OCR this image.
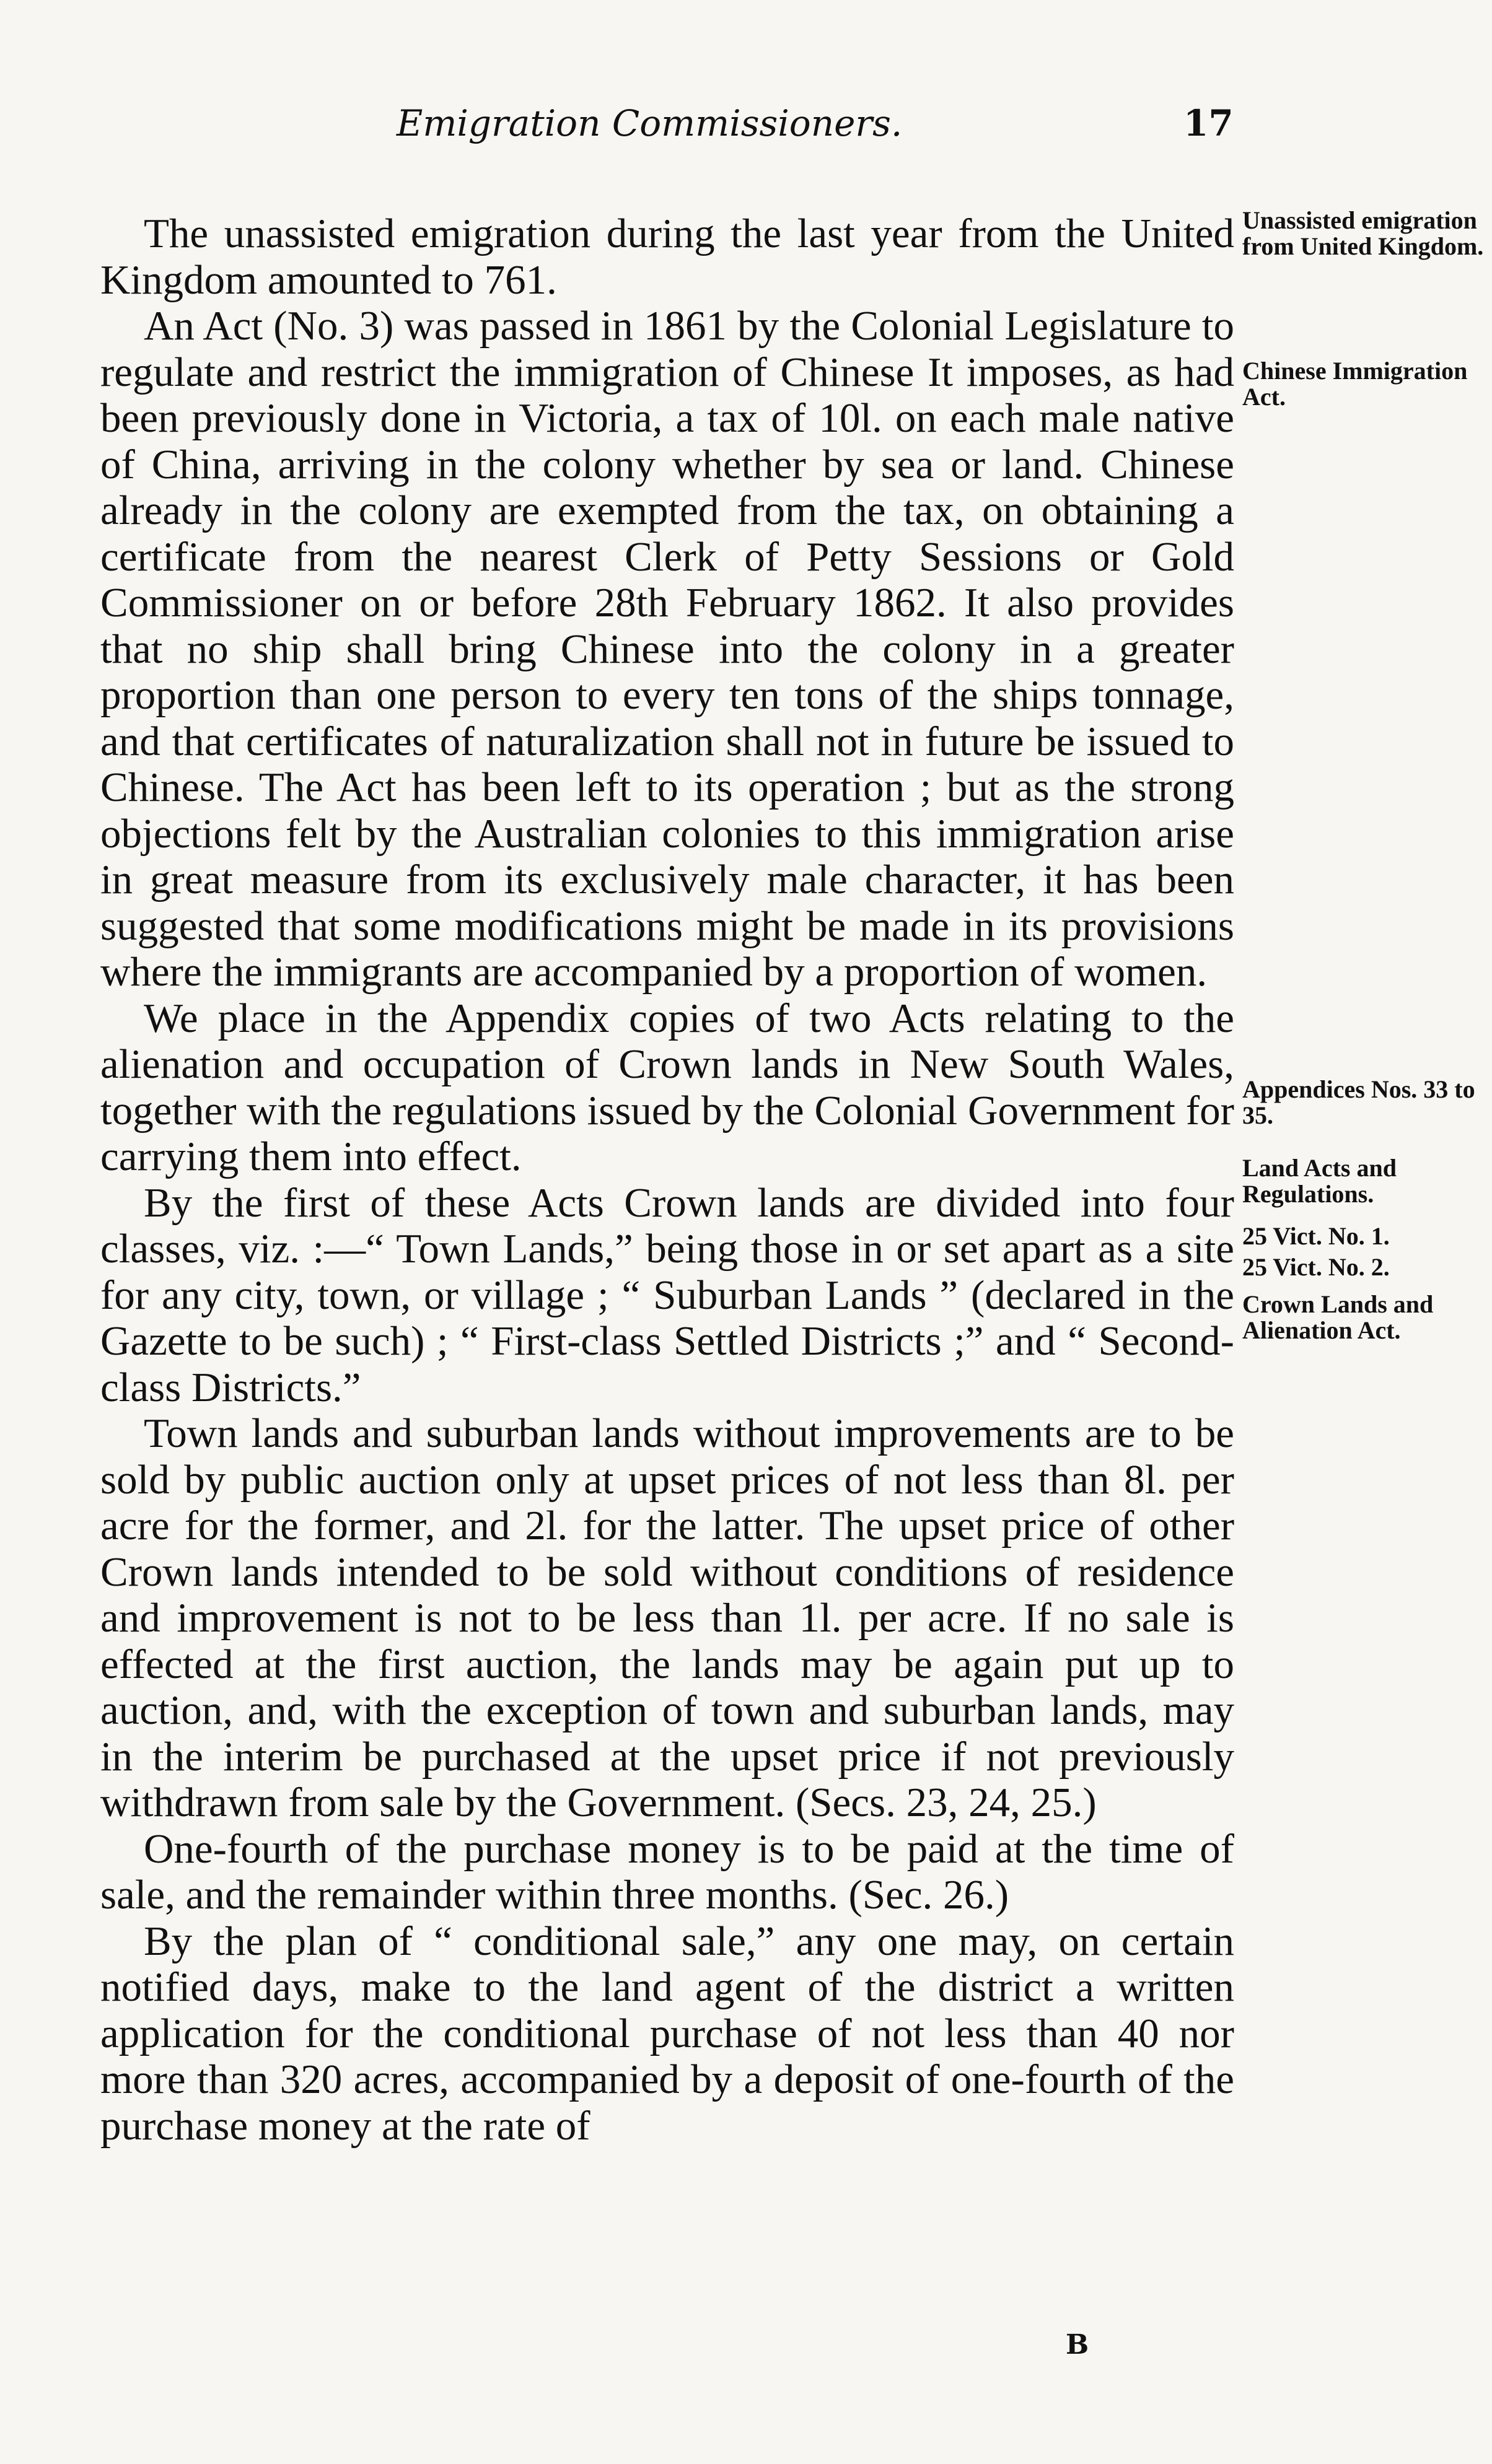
Emigration Commissioners.	17

The unassisted emigration during the last year from the United Kingdom amounted to 761.

An Act (No. 3) was passed in 1861 by the Colonial Legislature to regulate and restrict the immigration of Chinese It imposes, as had been previously done in Victoria, a tax of 10l. on each male native of China, arriving in the colony whether by sea or land. Chinese already in the colony are exempted from the tax, on obtaining a certificate from the nearest Clerk of Petty Sessions or Gold Commissioner on or before 28th February 1862. It also provides that no ship shall bring Chinese into the colony in a greater proportion than one person to every ten tons of the ships tonnage, and that certificates of naturalization shall not in future be issued to Chinese. The Act has been left to its operation ; but as the strong objections felt by the Australian colonies to this immigration arise in great measure from its exclusively male character, it has been suggested that some modifications might be made in its provisions where the immigrants are accompanied by a proportion of women.

We place in the Appendix copies of two Acts relating to the alienation and occupation of Crown lands in New South Wales, together with the regulations issued by the Colonial Government for carrying them into effect.

By the first of these Acts Crown lands are divided into four classes, viz. :—“ Town Lands,” being those in or set apart as a site for any city, town, or village ; “ Suburban Lands ” (declared in the Gazette to be such) ; “ First-class Settled Districts ;” and “ Second-class Districts.”

Town lands and suburban lands without improvements are to be sold by public auction only at upset prices of not less than 8l. per acre for the former, and 2l. for the latter. The upset price of other Crown lands intended to be sold without conditions of residence and improvement is not to be less than 1l. per acre. If no sale is effected at the first auction, the lands may be again put up to auction, and, with the exception of town and suburban lands, may in the interim be purchased at the upset price if not previously withdrawn from sale by the Government. (Secs. 23, 24, 25.)

One-fourth of the purchase money is to be paid at the time of sale, and the remainder within three months. (Sec. 26.)

By the plan of “ conditional sale,” any one may, on certain notified days, make to the land agent of the district a written application for the conditional purchase of not less than 40 nor more than 320 acres, accompanied by a deposit of one-fourth of the purchase money at the rate of

Unassisted emigration from United Kingdom.
Chinese Immigration Act.
Appendices Nos. 33 to 35.
Land Acts and Regulations.
25 Vict. No. 1.
25 Vict. No. 2.
Crown Lands and Alienation Act.
B
